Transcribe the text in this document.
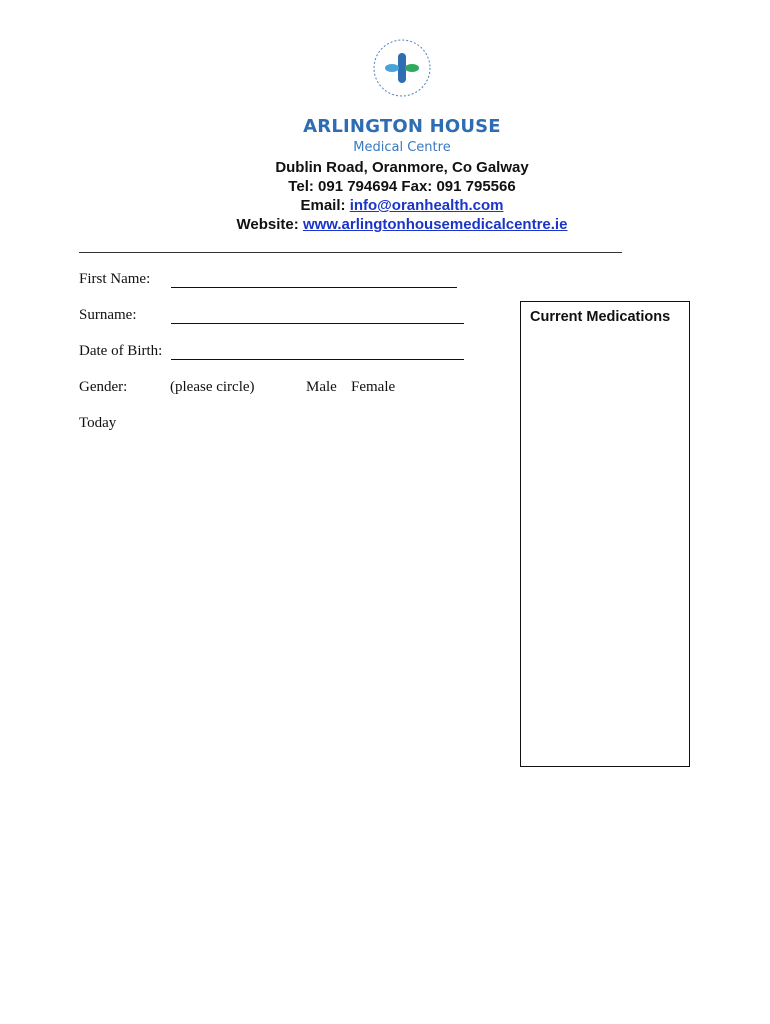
ARLINGTON HOUSE
Medical Centre
Dublin Road, Oranmore, Co Galway
Tel: 091 794694 Fax: 091 795566
Email: info@oranhealth.com
Website: www.arlingtonhousemedicalcentre.ie
First Name:
Surname:
Date of Birth:
Gender:	(please circle)	Male Female
Today
Current Medications
